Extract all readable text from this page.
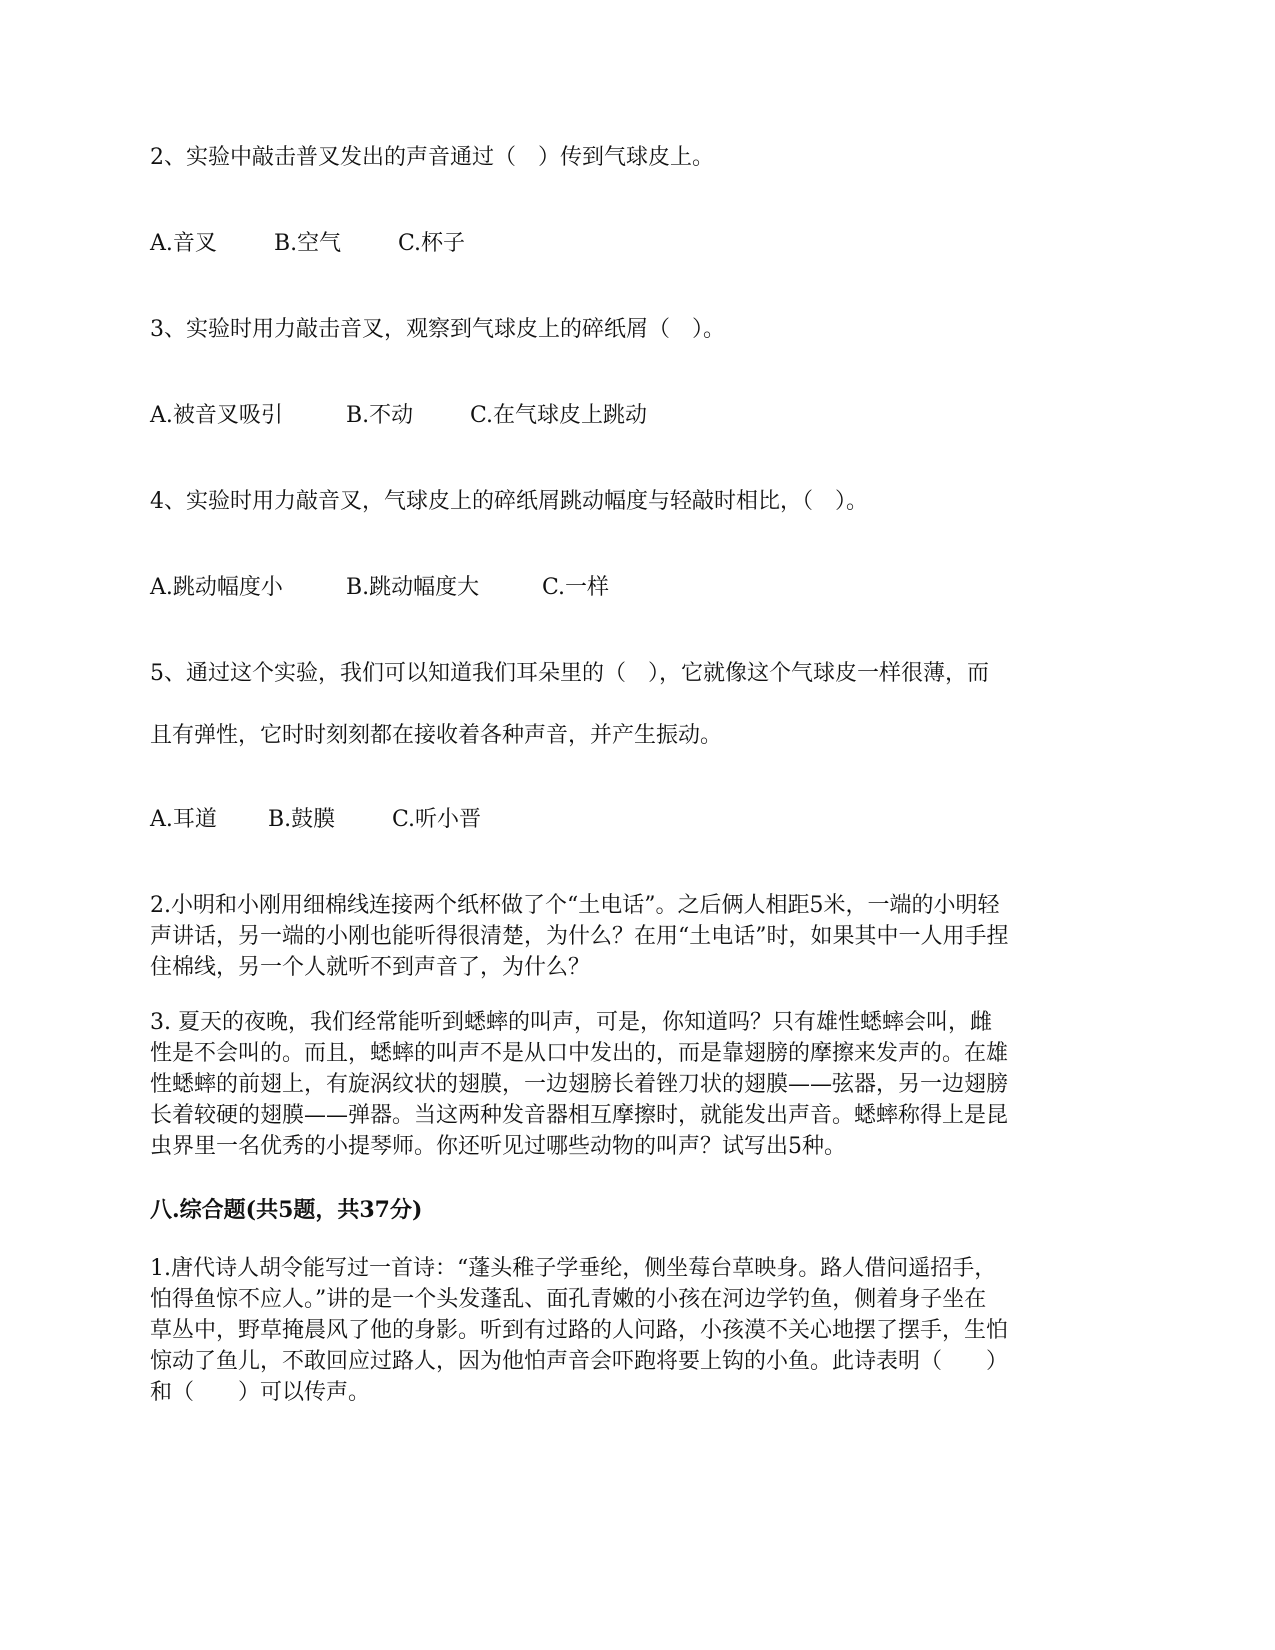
2、实验中敲击普叉发出的声音通过（　）传到气球皮上。
A.音叉	B.空气	C.杯子
3、实验时用力敲击音叉，观察到气球皮上的碎纸屑（　）。
A.被音叉吸引	B.不动	C.在气球皮上跳动
4、实验时用力敲音叉，气球皮上的碎纸屑跳动幅度与轻敲时相比，（　）。
A.跳动幅度小	B.跳动幅度大	C.一样
5、通过这个实验，我们可以知道我们耳朵里的（　），它就像这个气球皮一样很薄，而
且有弹性，它时时刻刻都在接收着各种声音，并产生振动。
A.耳道 B.鼓膜	C.听小晋
2.小明和小刚用细棉线连接两个纸杯做了个“土电话”。之后俩人相距5米，一端的小明轻
声讲话，另一端的小刚也能听得很清楚，为什么？在用“土电话”时，如果其中一人用手捏
住棉线，另一个人就听不到声音了，为什么？
3. 夏天的夜晚，我们经常能听到蟋蟀的叫声，可是，你知道吗？只有雄性蟋蟀会叫，雌
性是不会叫的。而且，蟋蟀的叫声不是从口中发出的，而是靠翅膀的摩擦来发声的。在雄
性蟋蟀的前翅上，有旋涡纹状的翅膜，一边翅膀长着锉刀状的翅膜——弦器，另一边翅膀
长着较硬的翅膜——弹器。当这两种发音器相互摩擦时，就能发出声音。蟋蟀称得上是昆
虫界里一名优秀的小提琴师。你还听见过哪些动物的叫声？试写出5种。
八.综合题(共5题，共37分)
1.唐代诗人胡令能写过一首诗：“蓬头稚子学垂纶，侧坐莓台草映身。路人借问遥招手，
怕得鱼惊不应人。”讲的是一个头发蓬乱、面孔青嫩的小孩在河边学钓鱼，侧着身子坐在
草丛中，野草掩晨风了他的身影。听到有过路的人问路，小孩漠不关心地摆了摆手，生怕
惊动了鱼儿，不敢回应过路人，因为他怕声音会吓跑将要上钩的小鱼。此诗表明（　　）
和（　　）可以传声。
